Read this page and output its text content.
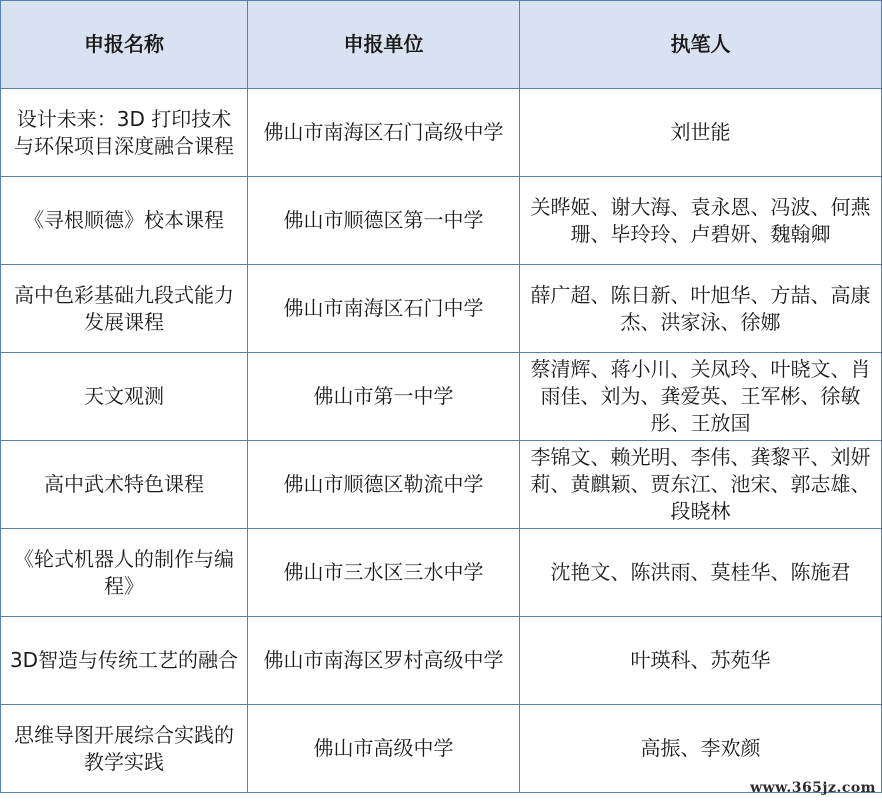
申报名称	申报单位	执笔人
设计未来：3D 打印技术与环保项目深度融合课程	佛山市南海区石门高级中学	刘世能
《寻根顺德》校本课程	佛山市顺德区第一中学	关晔姬、谢大海、袁永恩、冯波、何燕珊、毕玲玲、卢碧妍、魏翰卿
高中色彩基础九段式能力发展课程	佛山市南海区石门中学	薛广超、陈日新、叶旭华、方喆、高康杰、洪家泳、徐娜
天文观测	佛山市第一中学	蔡清辉、蒋小川、关凤玲、叶晓文、肖雨佳、刘为、龚爱英、王军彬、徐敏彤、王放国
高中武术特色课程	佛山市顺德区勒流中学	李锦文、赖光明、李伟、龚黎平、刘妍莉、黄麒颖、贾东江、池宋、郭志雄、段晓林
《轮式机器人的制作与编程》	佛山市三水区三水中学	沈艳文、陈洪雨、莫桂华、陈施君
3D智造与传统工艺的融合	佛山市南海区罗村高级中学	叶瑛科、苏苑华
思维导图开展综合实践的教学实践	佛山市高级中学	高振、李欢颜
www.365jz.com
